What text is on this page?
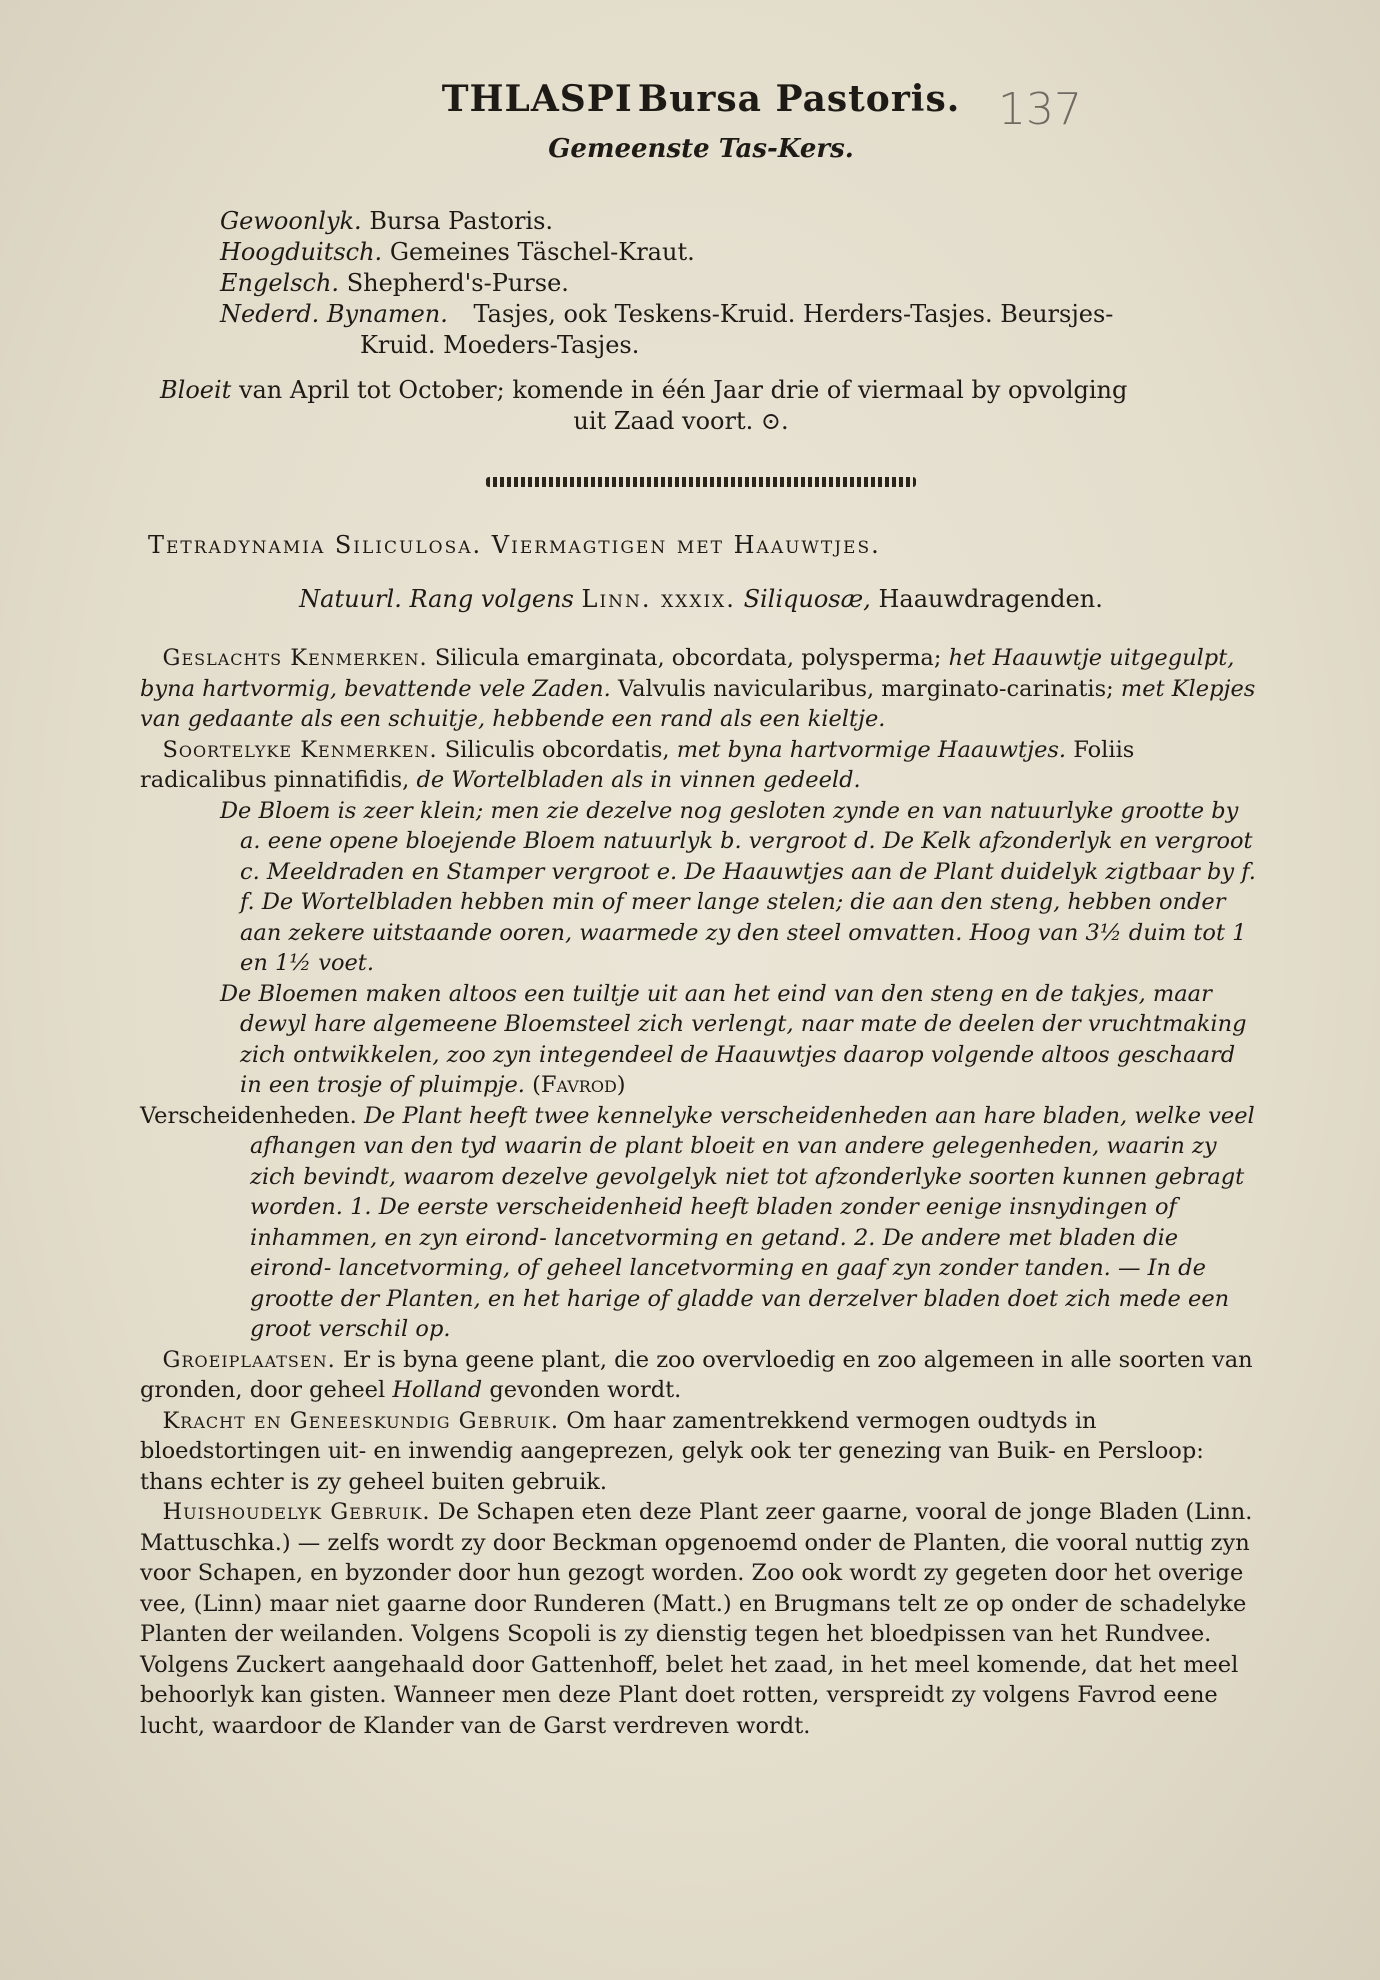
THLASPI Bursa Pastoris. 137
Gemeenste Tas-Kers.
Gewoonlyk. Bursa Pastoris.
Hoogduitsch. Gemeines Täschel-Kraut.
Engelsch. Shepherd's-Purse.
Nederd. Bynamen. Tasjes, ook Teskens-Kruid. Herders-Tasjes. Beursjes-
Kruid. Moeders-Tasjes.
Bloeit van April tot October; komende in één Jaar drie of viermaal by opvolging
uit Zaad voort. ⊙.
Tetradynamia Siliculosa. Viermagtigen met Haauwtjes.
Natuurl. Rang volgens Linn. xxxix. Siliquosæ, Haauwdragenden.
 Geslachts Kenmerken. Silicula emarginata, obcordata, polysperma; het Haauwtje uitgegulpt, byna hartvormig, bevattende vele Zaden. Valvulis navicularibus, marginato-carinatis; met Klepjes van gedaante als een schuitje, hebbende een rand als een kieltje.
 Soortelyke Kenmerken. Siliculis obcordatis, met byna hartvormige Haauwtjes. Foliis radicalibus pinnatifidis, de Wortelbladen als in vinnen gedeeld.
De Bloem is zeer klein; men zie dezelve nog gesloten zynde en van natuurlyke grootte by a. eene opene bloejende Bloem natuurlyk b. vergroot d. De Kelk afzonderlyk en vergroot c. Meeldraden en Stamper vergroot e. De Haauwtjes aan de Plant duidelyk zigtbaar by f. f. De Wortelbladen hebben min of meer lange stelen; die aan den steng, hebben onder aan zekere uitstaande ooren, waarmede zy den steel omvatten. Hoog van 3½ duim tot 1 en 1½ voet.
De Bloemen maken altoos een tuiltje uit aan het eind van den steng en de takjes, maar dewyl hare algemeene Bloemsteel zich verlengt, naar mate de deelen der vruchtmaking zich ontwikkelen, zoo zyn integendeel de Haauwtjes daarop volgende altoos geschaard in een trosje of pluimpje. (Favrod)
Verscheidenheden. De Plant heeft twee kennelyke verscheidenheden aan hare bladen, welke veel afhangen van den tyd waarin de plant bloeit en van andere gelegenheden, waarin zy zich bevindt, waarom dezelve gevolgelyk niet tot afzonderlyke soorten kunnen gebragt worden. 1. De eerste verscheidenheid heeft bladen zonder eenige insnydingen of inhammen, en zyn eirond- lancetvorming en getand. 2. De andere met bladen die eirond- lancetvorming, of geheel lancetvorming en gaaf zyn zonder tanden. — In de grootte der Planten, en het harige of gladde van derzelver bladen doet zich mede een groot verschil op.
 Groeiplaatsen. Er is byna geene plant, die zoo overvloedig en zoo algemeen in alle soorten van gronden, door geheel Holland gevonden wordt.
 Kracht en Geneeskundig Gebruik. Om haar zamentrekkend vermogen oudtyds in bloedstortingen uit- en inwendig aangeprezen, gelyk ook ter genezing van Buik- en Persloop: thans echter is zy geheel buiten gebruik.
 Huishoudelyk Gebruik. De Schapen eten deze Plant zeer gaarne, vooral de jonge Bladen (Linn. Mattuschka.) — zelfs wordt zy door Beckman opgenoemd onder de Planten, die vooral nuttig zyn voor Schapen, en byzonder door hun gezogt worden. Zoo ook wordt zy gegeten door het overige vee, (Linn) maar niet gaarne door Runderen (Matt.) en Brugmans telt ze op onder de schadelyke Planten der weilanden. Volgens Scopoli is zy dienstig tegen het bloedpissen van het Rundvee. Volgens Zuckert aangehaald door Gattenhoff, belet het zaad, in het meel komende, dat het meel behoorlyk kan gisten. Wanneer men deze Plant doet rotten, verspreidt zy volgens Favrod eene lucht, waardoor de Klander van de Garst verdreven wordt.
